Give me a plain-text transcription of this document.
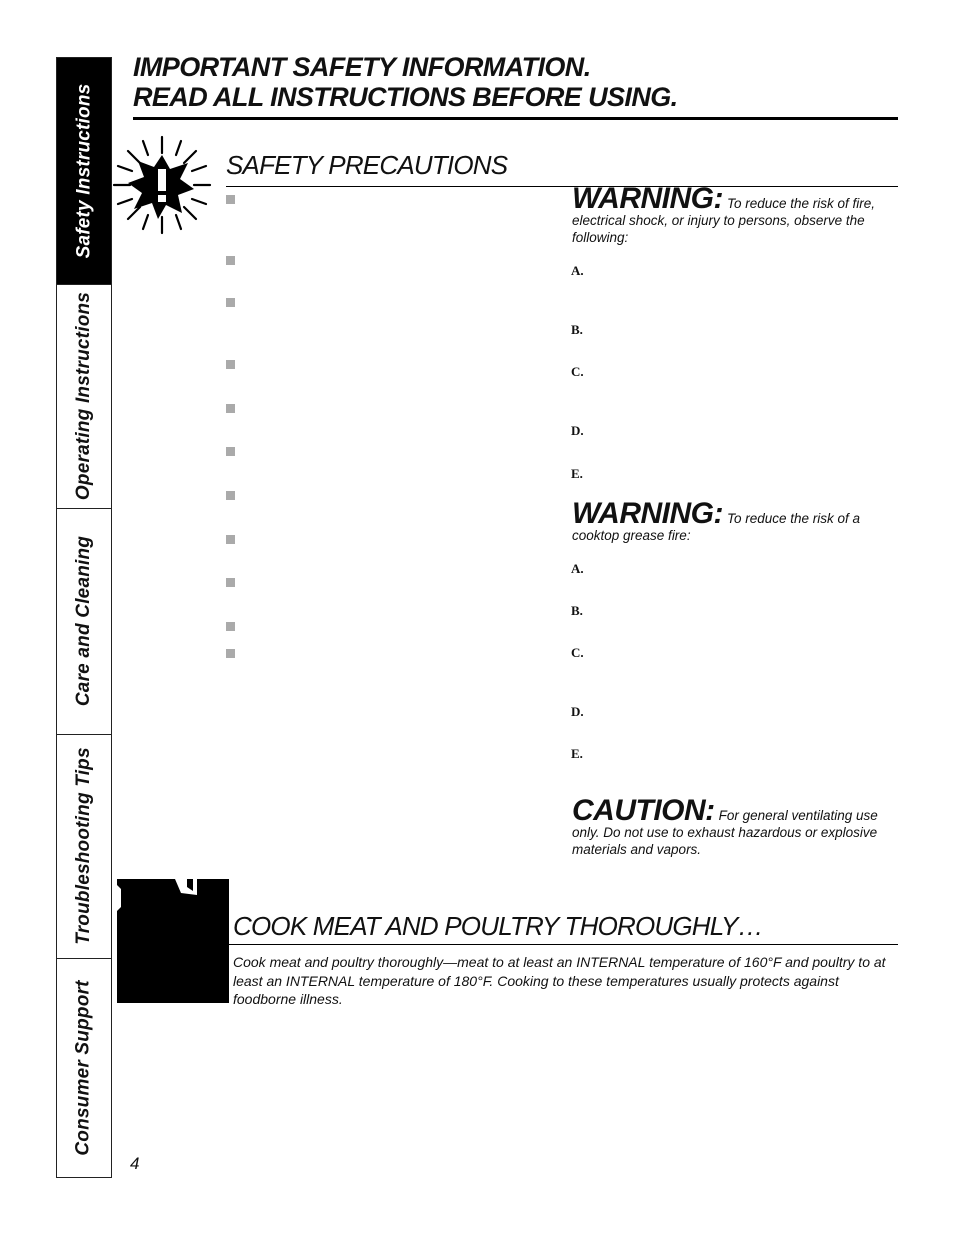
Safety Instructions
Operating Instructions
Care and Cleaning
Troubleshooting Tips
Consumer Support
IMPORTANT SAFETY INFORMATION.
READ ALL INSTRUCTIONS BEFORE USING.
SAFETY PRECAUTIONS
WARNING: To reduce the risk of fire, electrical shock, or injury to persons, observe the following:
A.
B.
C.
D.
E.
WARNING: To reduce the risk of a cooktop grease fire:
A.
B.
C.
D.
E.
CAUTION: For general ventilating use only. Do not use to exhaust hazardous or explosive materials and vapors.
COOK MEAT AND POULTRY THOROUGHLY…
Cook meat and poultry thoroughly—meat to at least an INTERNAL temperature of 160°F and poultry to at least an INTERNAL temperature of 180°F. Cooking to these temperatures usually protects against foodborne illness.
4
